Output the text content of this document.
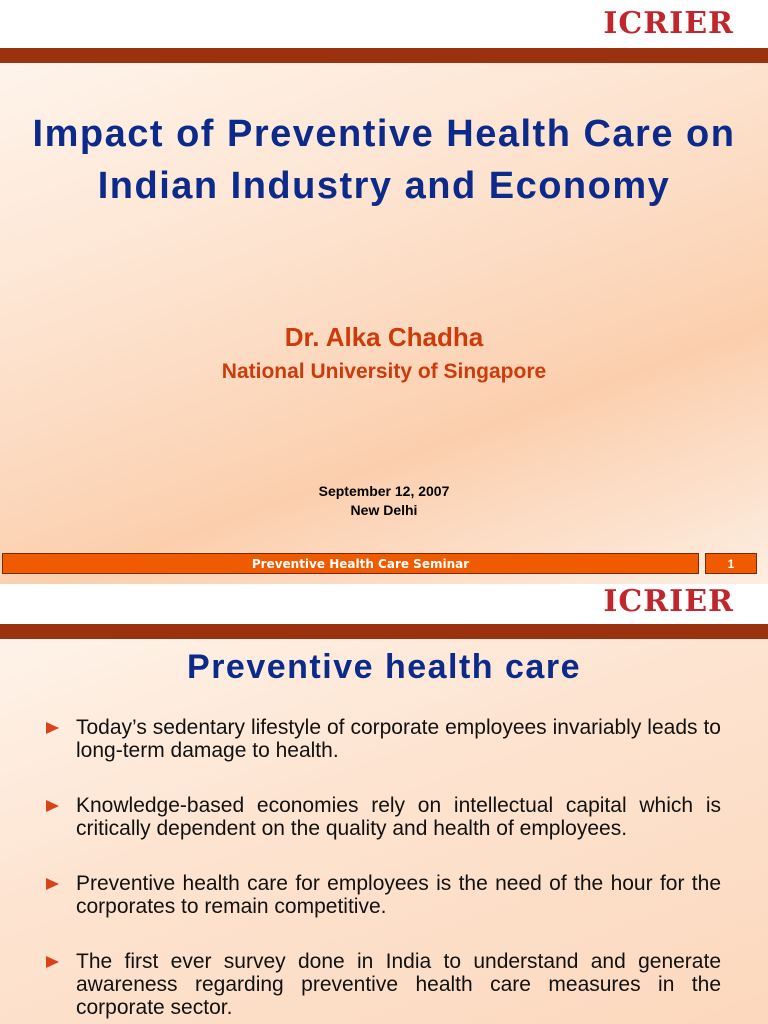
ICRIER
Impact of Preventive Health Care on Indian Industry and Economy
Dr. Alka Chadha
National University of Singapore
September 12, 2007
New Delhi
Preventive Health Care Seminar	1
ICRIER
Preventive health care
Today’s sedentary lifestyle of corporate employees invariably leads to long-term damage to health.
Knowledge-based economies rely on intellectual capital which is critically dependent on the quality and health of employees.
Preventive health care for employees is the need of the hour for the corporates to remain competitive.
The first ever survey done in India to understand and generate awareness regarding preventive health care measures in the corporate sector.
